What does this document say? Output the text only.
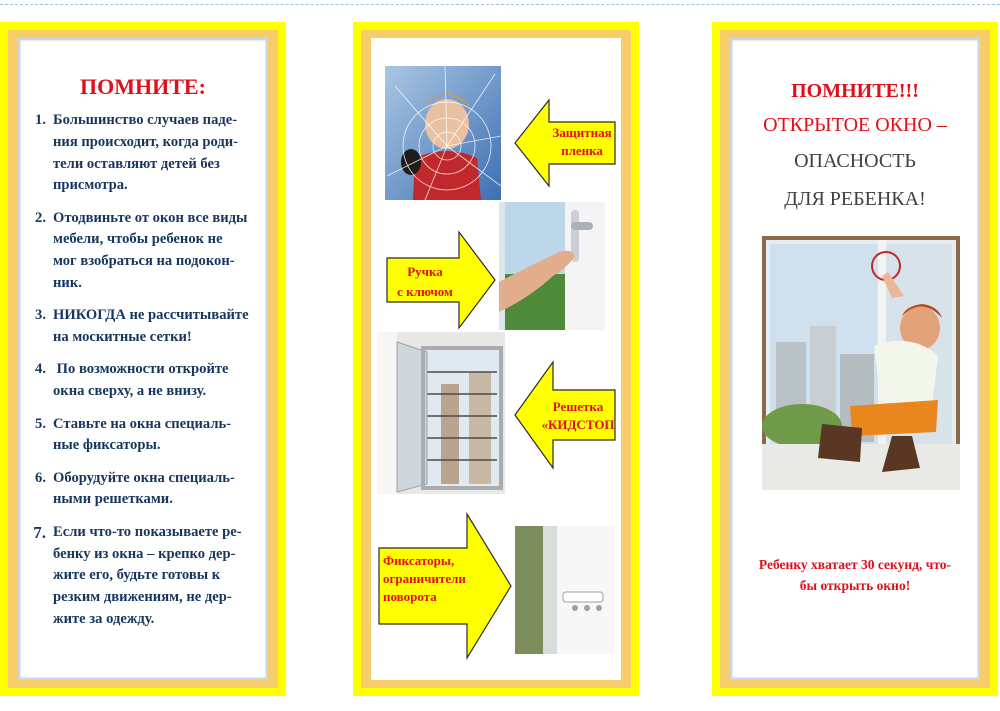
ПОМНИТЕ:
1. Большинство случаев паде-
ния происходит, когда роди-
тели оставляют детей без
присмотра.
2. Отодвиньте от окон все виды
мебели, чтобы ребенок не
мог взобраться на подокон-
ник.
3. НИКОГДА не рассчитывайте
на москитные сетки!
4. По возможности откройте
окна сверху, а не внизу.
5. Ставьте на окна специаль-
ные фиксаторы.
6. Оборудуйте окна специаль-
ными решетками.
7. Если что-то показываете ре-
бенку из окна – крепко дер-
жите его, будьте готовы к
резким движениям, не дер-
жите за одежду.
Защитная
пленка
Ручка
с ключом
Решетка
«КИДСТОП
Фиксаторы,
ограничители
поворота
ПОМНИТЕ!!!
ОТКРЫТОЕ ОКНО –
ОПАСНОСТЬ
ДЛЯ РЕБЕНКА!
Ребенку хватает 30 секунд, что-
бы открыть окно!
